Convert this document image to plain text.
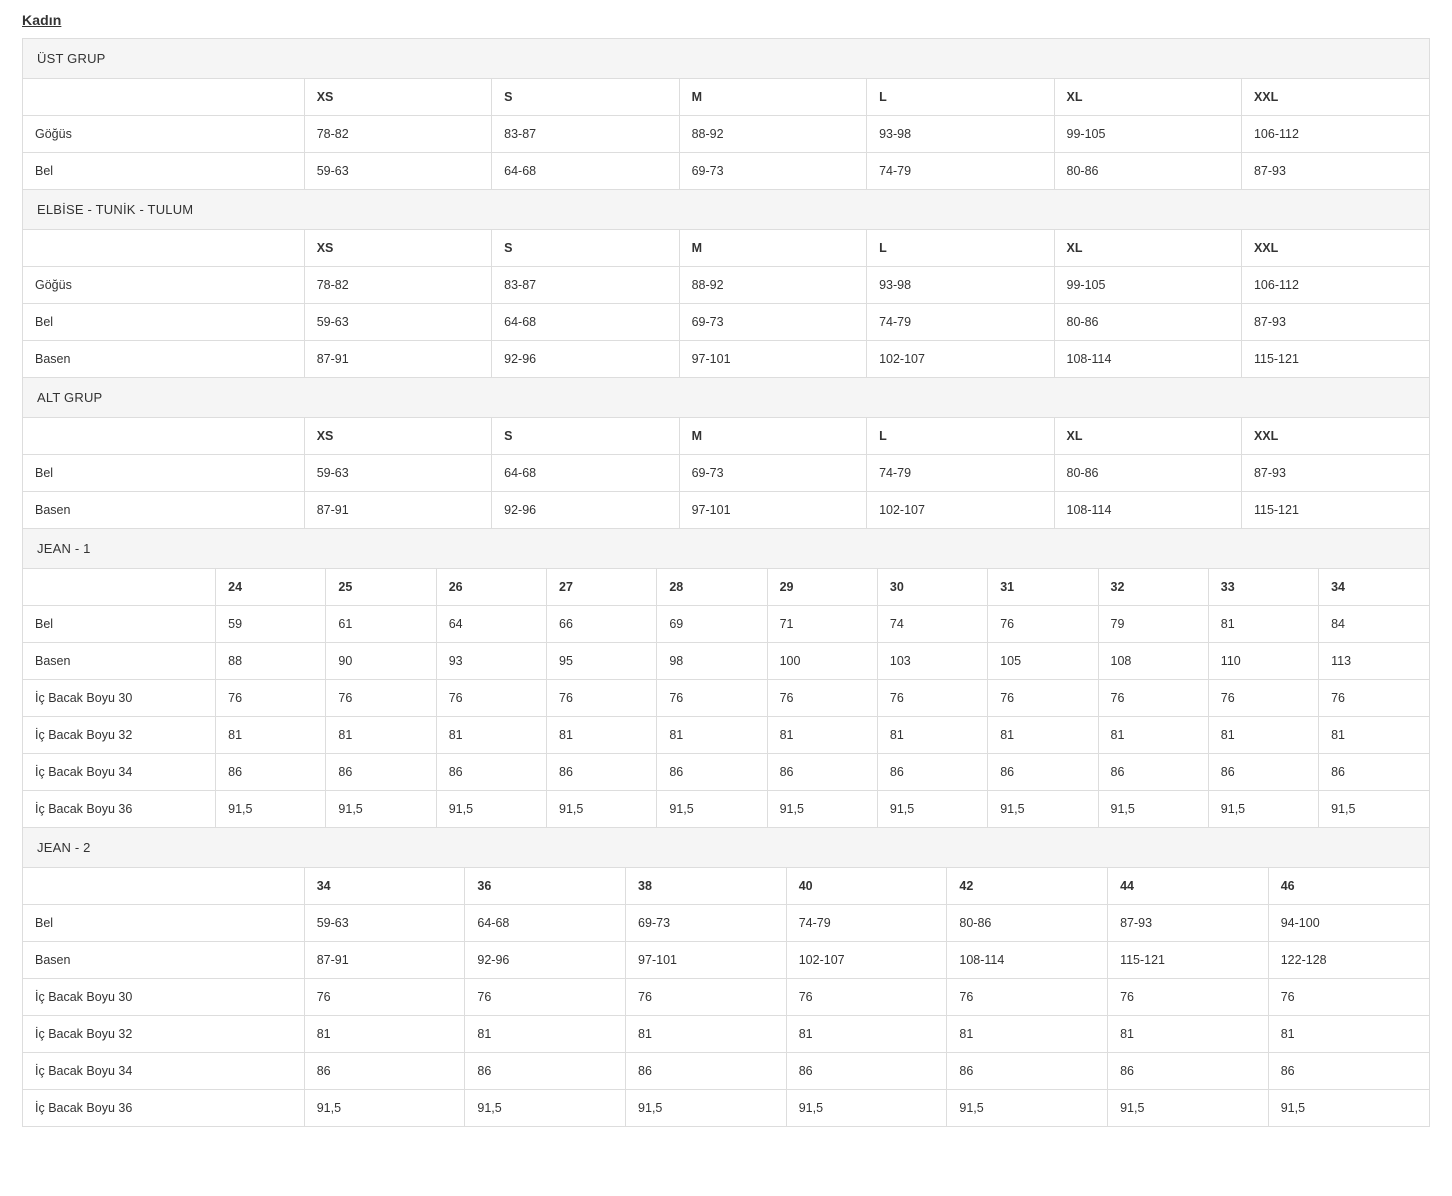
Kadın
ÜST GRUP
	XS	S	M	L	XL	XXL
Göğüs	78-82	83-87	88-92	93-98	99-105	106-112
Bel	59-63	64-68	69-73	74-79	80-86	87-93
ELBİSE - TUNİK - TULUM
	XS	S	M	L	XL	XXL
Göğüs	78-82	83-87	88-92	93-98	99-105	106-112
Bel	59-63	64-68	69-73	74-79	80-86	87-93
Basen	87-91	92-96	97-101	102-107	108-114	115-121
ALT GRUP
	XS	S	M	L	XL	XXL
Bel	59-63	64-68	69-73	74-79	80-86	87-93
Basen	87-91	92-96	97-101	102-107	108-114	115-121
JEAN - 1
	24	25	26	27	28	29	30	31	32	33	34
Bel	59	61	64	66	69	71	74	76	79	81	84
Basen	88	90	93	95	98	100	103	105	108	110	113
İç Bacak Boyu 30	76	76	76	76	76	76	76	76	76	76	76
İç Bacak Boyu 32	81	81	81	81	81	81	81	81	81	81	81
İç Bacak Boyu 34	86	86	86	86	86	86	86	86	86	86	86
İç Bacak Boyu 36	91,5	91,5	91,5	91,5	91,5	91,5	91,5	91,5	91,5	91,5	91,5
JEAN - 2
	34	36	38	40	42	44	46
Bel	59-63	64-68	69-73	74-79	80-86	87-93	94-100
Basen	87-91	92-96	97-101	102-107	108-114	115-121	122-128
İç Bacak Boyu 30	76	76	76	76	76	76	76
İç Bacak Boyu 32	81	81	81	81	81	81	81
İç Bacak Boyu 34	86	86	86	86	86	86	86
İç Bacak Boyu 36	91,5	91,5	91,5	91,5	91,5	91,5	91,5
